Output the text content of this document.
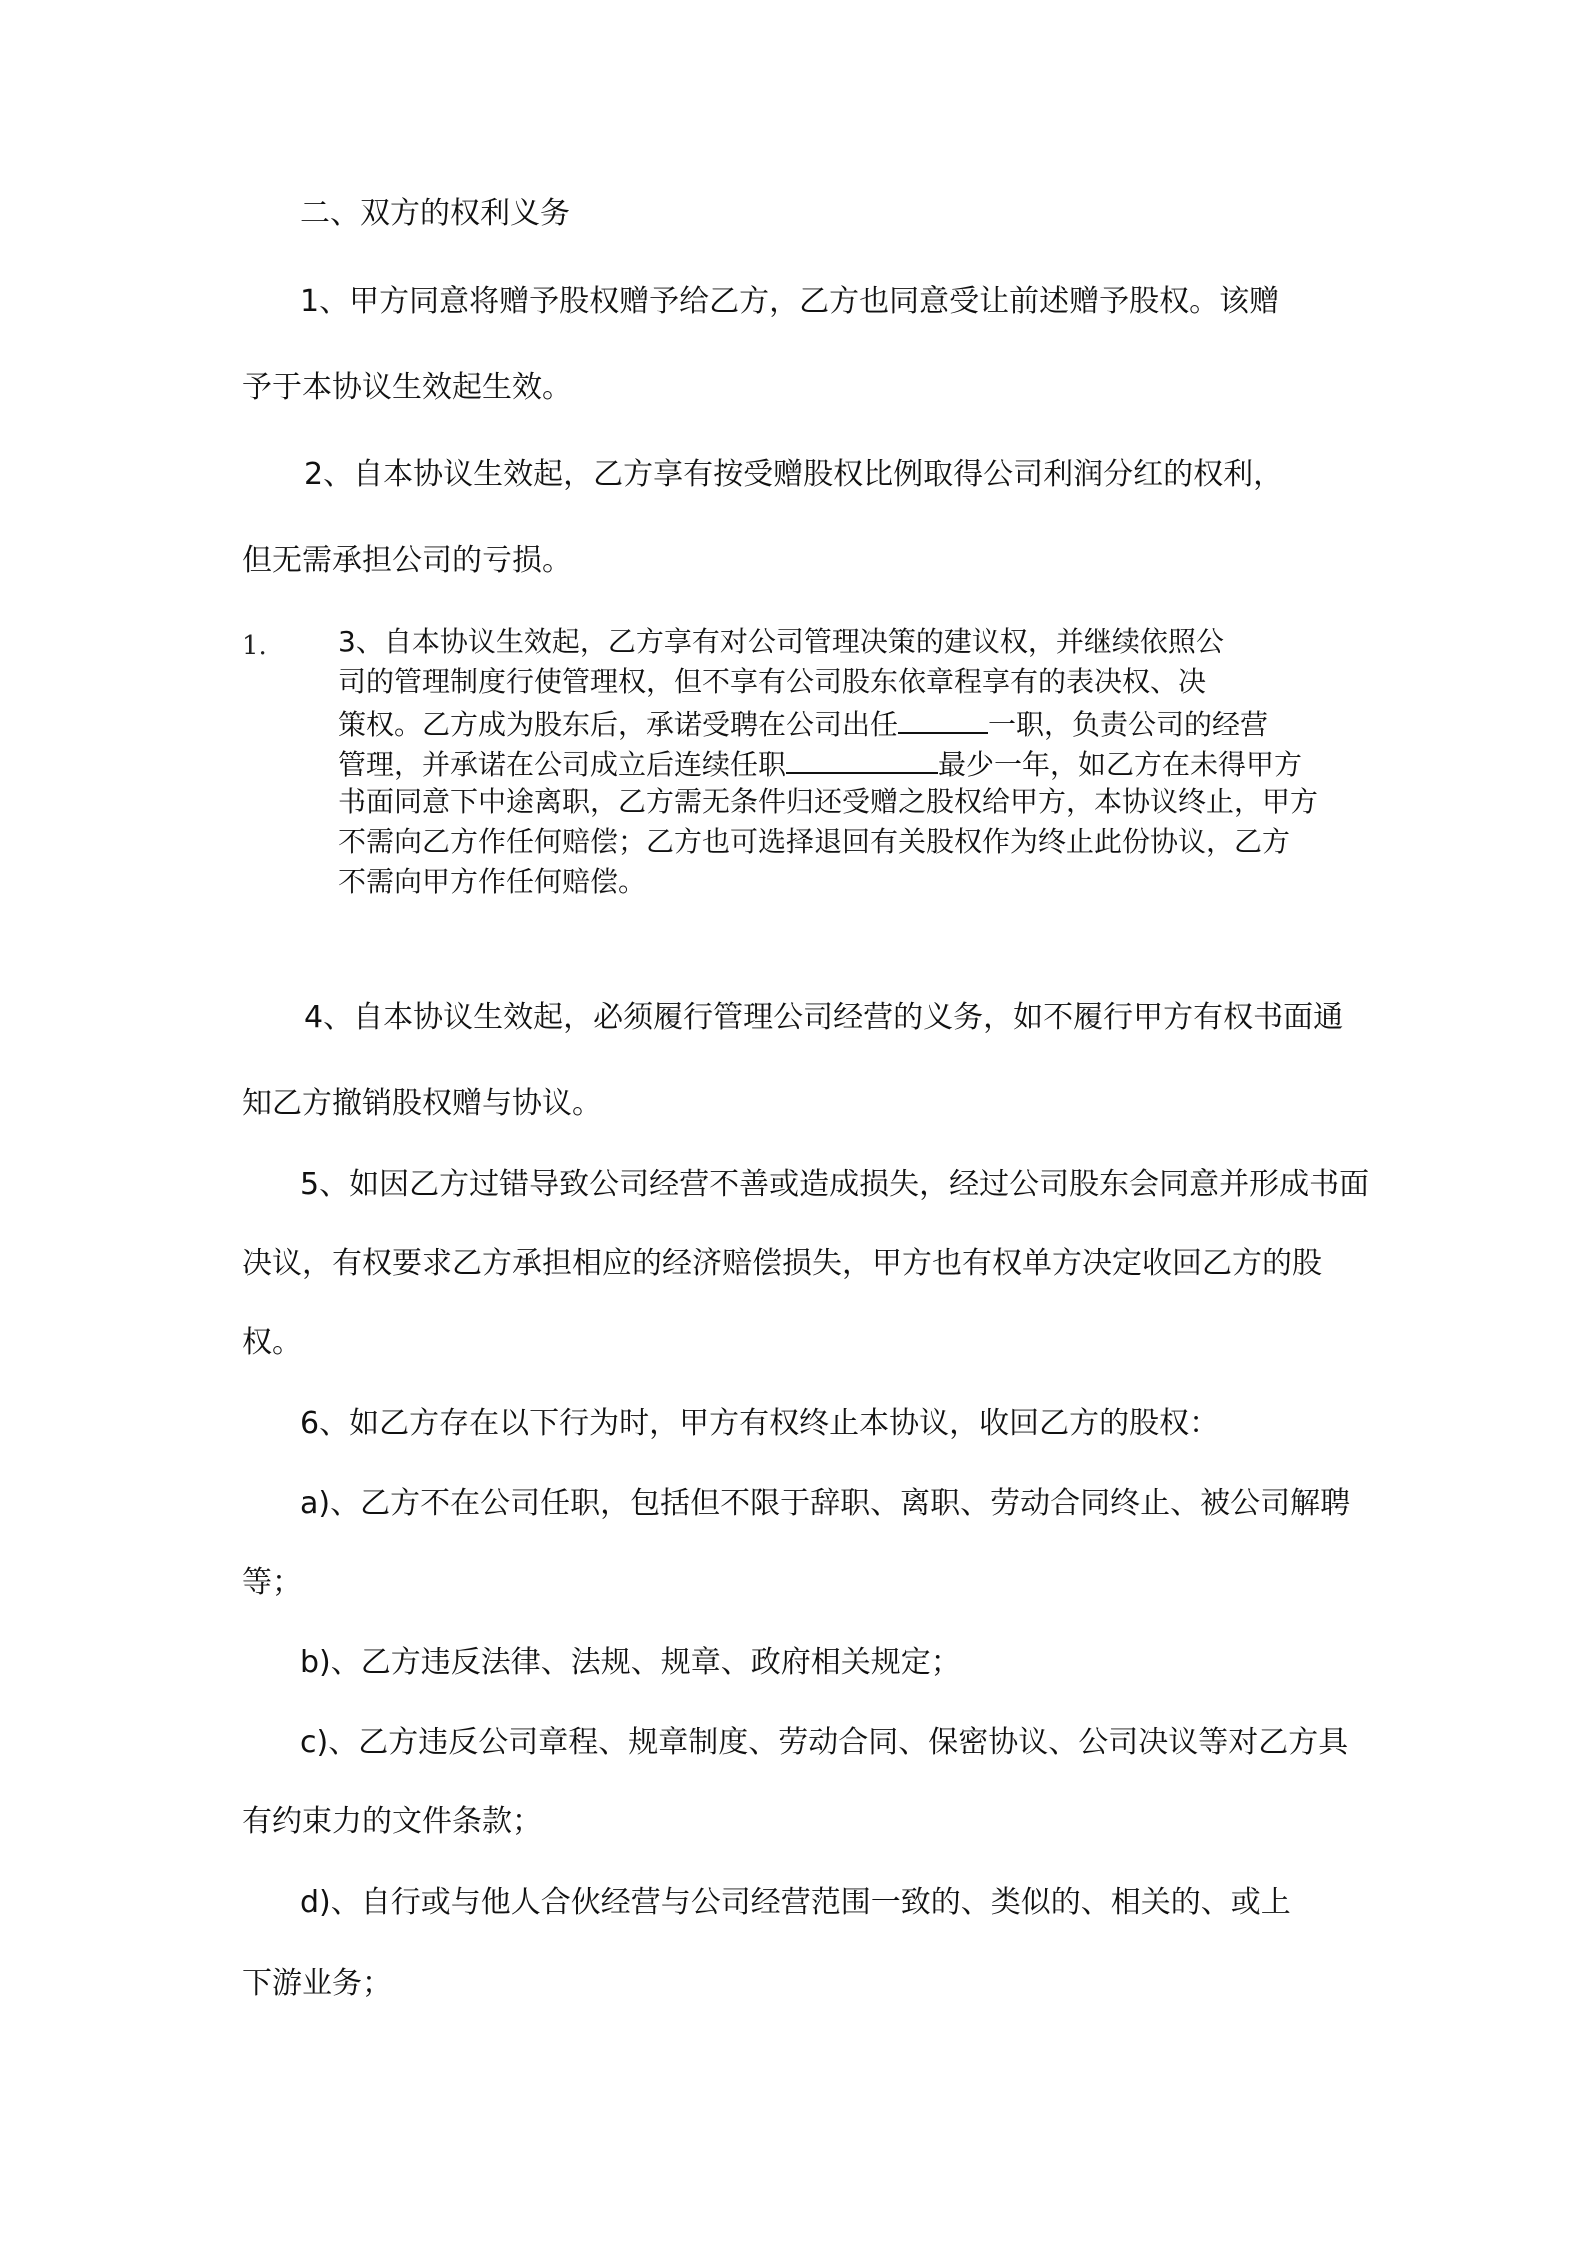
二、双方的权利义务
1、甲方同意将赠予股权赠予给乙方，乙方也同意受让前述赠予股权。该赠
予于本协议生效起生效。
2、自本协议生效起，乙方享有按受赠股权比例取得公司利润分红的权利，
但无需承担公司的亏损。
1.	3、自本协议生效起，乙方享有对公司管理决策的建议权，并继续依照公
司的管理制度行使管理权，但不享有公司股东依章程享有的表决权、决
策权。乙方成为股东后，承诺受聘在公司出任	一职，负责公司的经营
管理，并承诺在公司成立后连续任职	最少一年，如乙方在未得甲方
书面同意下中途离职，乙方需无条件归还受赠之股权给甲方，本协议终止，甲方
不需向乙方作任何赔偿；乙方也可选择退回有关股权作为终止此份协议，乙方
不需向甲方作任何赔偿。
4、自本协议生效起，必须履行管理公司经营的义务，如不履行甲方有权书面通
知乙方撤销股权赠与协议。
5、如因乙方过错导致公司经营不善或造成损失，经过公司股东会同意并形成书面
决议，有权要求乙方承担相应的经济赔偿损失，甲方也有权单方决定收回乙方的股
权。
6、如乙方存在以下行为时，甲方有权终止本协议，收回乙方的股权：
a)、乙方不在公司任职，包括但不限于辞职、离职、劳动合同终止、被公司解聘
等；
b)、乙方违反法律、法规、规章、政府相关规定；
c)、乙方违反公司章程、规章制度、劳动合同、保密协议、公司决议等对乙方具
有约束力的文件条款；
d)、自行或与他人合伙经营与公司经营范围一致的、类似的、相关的、或上
下游业务；
